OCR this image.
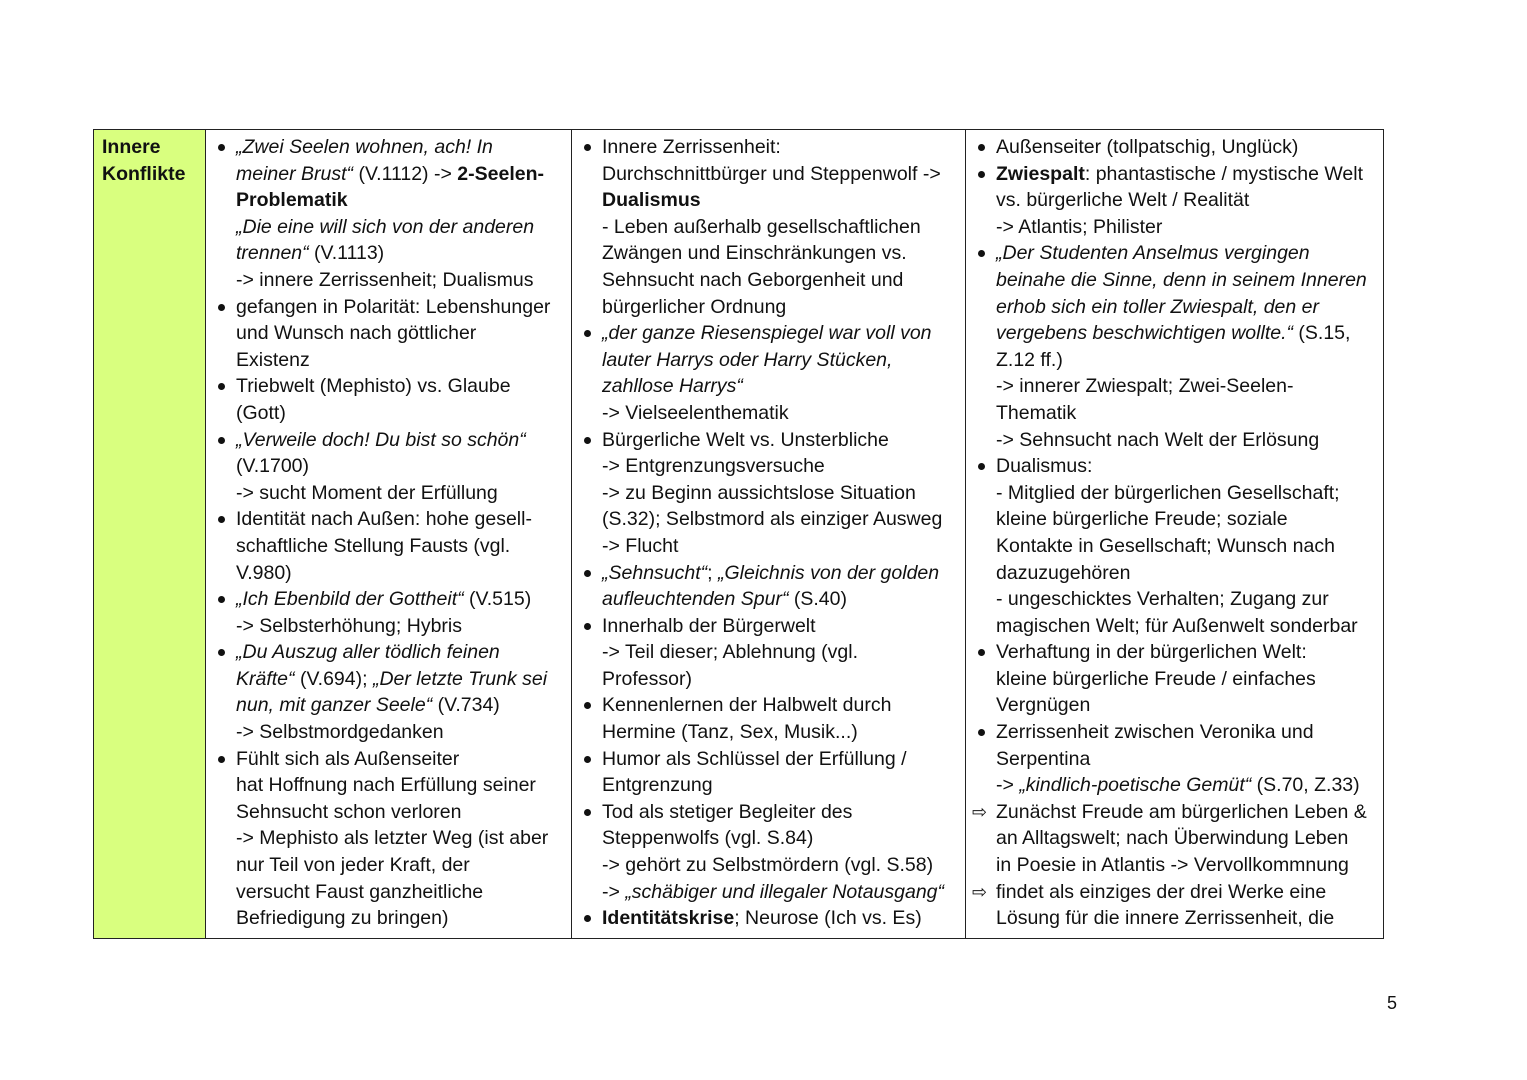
Innere
Konflikte

„Zwei Seelen wohnen, ach! In
meiner Brust“ (V.1112) -> 2-Seelen-
Problematik
„Die eine will sich von der anderen
trennen“ (V.1113)
-> innere Zerrissenheit; Dualismus
gefangen in Polarität: Lebenshunger
und Wunsch nach göttlicher
Existenz
Triebwelt (Mephisto) vs. Glaube
(Gott)
„Verweile doch! Du bist so schön“
(V.1700)
-> sucht Moment der Erfüllung
Identität nach Außen: hohe gesell-
schaftliche Stellung Fausts (vgl.
V.980)
„Ich Ebenbild der Gottheit“ (V.515)
-> Selbsterhöhung; Hybris
„Du Auszug aller tödlich feinen
Kräfte“ (V.694); „Der letzte Trunk sei
nun, mit ganzer Seele“ (V.734)
-> Selbstmordgedanken
Fühlt sich als Außenseiter
hat Hoffnung nach Erfüllung seiner
Sehnsucht schon verloren
-> Mephisto als letzter Weg (ist aber
nur Teil von jeder Kraft, der
versucht Faust ganzheitliche
Befriedigung zu bringen)

Innere Zerrissenheit:
Durchschnittbürger und Steppenwolf ->
Dualismus
- Leben außerhalb gesellschaftlichen
Zwängen und Einschränkungen vs.
Sehnsucht nach Geborgenheit und
bürgerlicher Ordnung
„der ganze Riesenspiegel war voll von
lauter Harrys oder Harry Stücken,
zahllose Harrys“
-> Vielseelenthematik
Bürgerliche Welt vs. Unsterbliche
-> Entgrenzungsversuche
-> zu Beginn aussichtslose Situation
(S.32); Selbstmord als einziger Ausweg
-> Flucht
„Sehnsucht“; „Gleichnis von der golden
aufleuchtenden Spur“ (S.40)
Innerhalb der Bürgerwelt
-> Teil dieser; Ablehnung (vgl.
Professor)
Kennenlernen der Halbwelt durch
Hermine (Tanz, Sex, Musik...)
Humor als Schlüssel der Erfüllung /
Entgrenzung
Tod als stetiger Begleiter des
Steppenwolfs (vgl. S.84)
-> gehört zu Selbstmördern (vgl. S.58)
-> „schäbiger und illegaler Notausgang“
Identitätskrise; Neurose (Ich vs. Es)

Außenseiter (tollpatschig, Unglück)
Zwiespalt: phantastische / mystische Welt
vs. bürgerliche Welt / Realität
-> Atlantis; Philister
„Der Studenten Anselmus vergingen
beinahe die Sinne, denn in seinem Inneren
erhob sich ein toller Zwiespalt, den er
vergebens beschwichtigen wollte.“ (S.15,
Z.12 ff.)
-> innerer Zwiespalt; Zwei-Seelen-
Thematik
-> Sehnsucht nach Welt der Erlösung
Dualismus:
- Mitglied der bürgerlichen Gesellschaft;
kleine bürgerliche Freude; soziale
Kontakte in Gesellschaft; Wunsch nach
dazuzugehören
- ungeschicktes Verhalten; Zugang zur
magischen Welt; für Außenwelt sonderbar
Verhaftung in der bürgerlichen Welt:
kleine bürgerliche Freude / einfaches
Vergnügen
Zerrissenheit zwischen Veronika und
Serpentina
-> „kindlich-poetische Gemüt“ (S.70, Z.33)
⇨ Zunächst Freude am bürgerlichen Leben &
an Alltagswelt; nach Überwindung Leben
in Poesie in Atlantis -> Vervollkommnung
⇨ findet als einziges der drei Werke eine
Lösung für die innere Zerrissenheit, die
5
